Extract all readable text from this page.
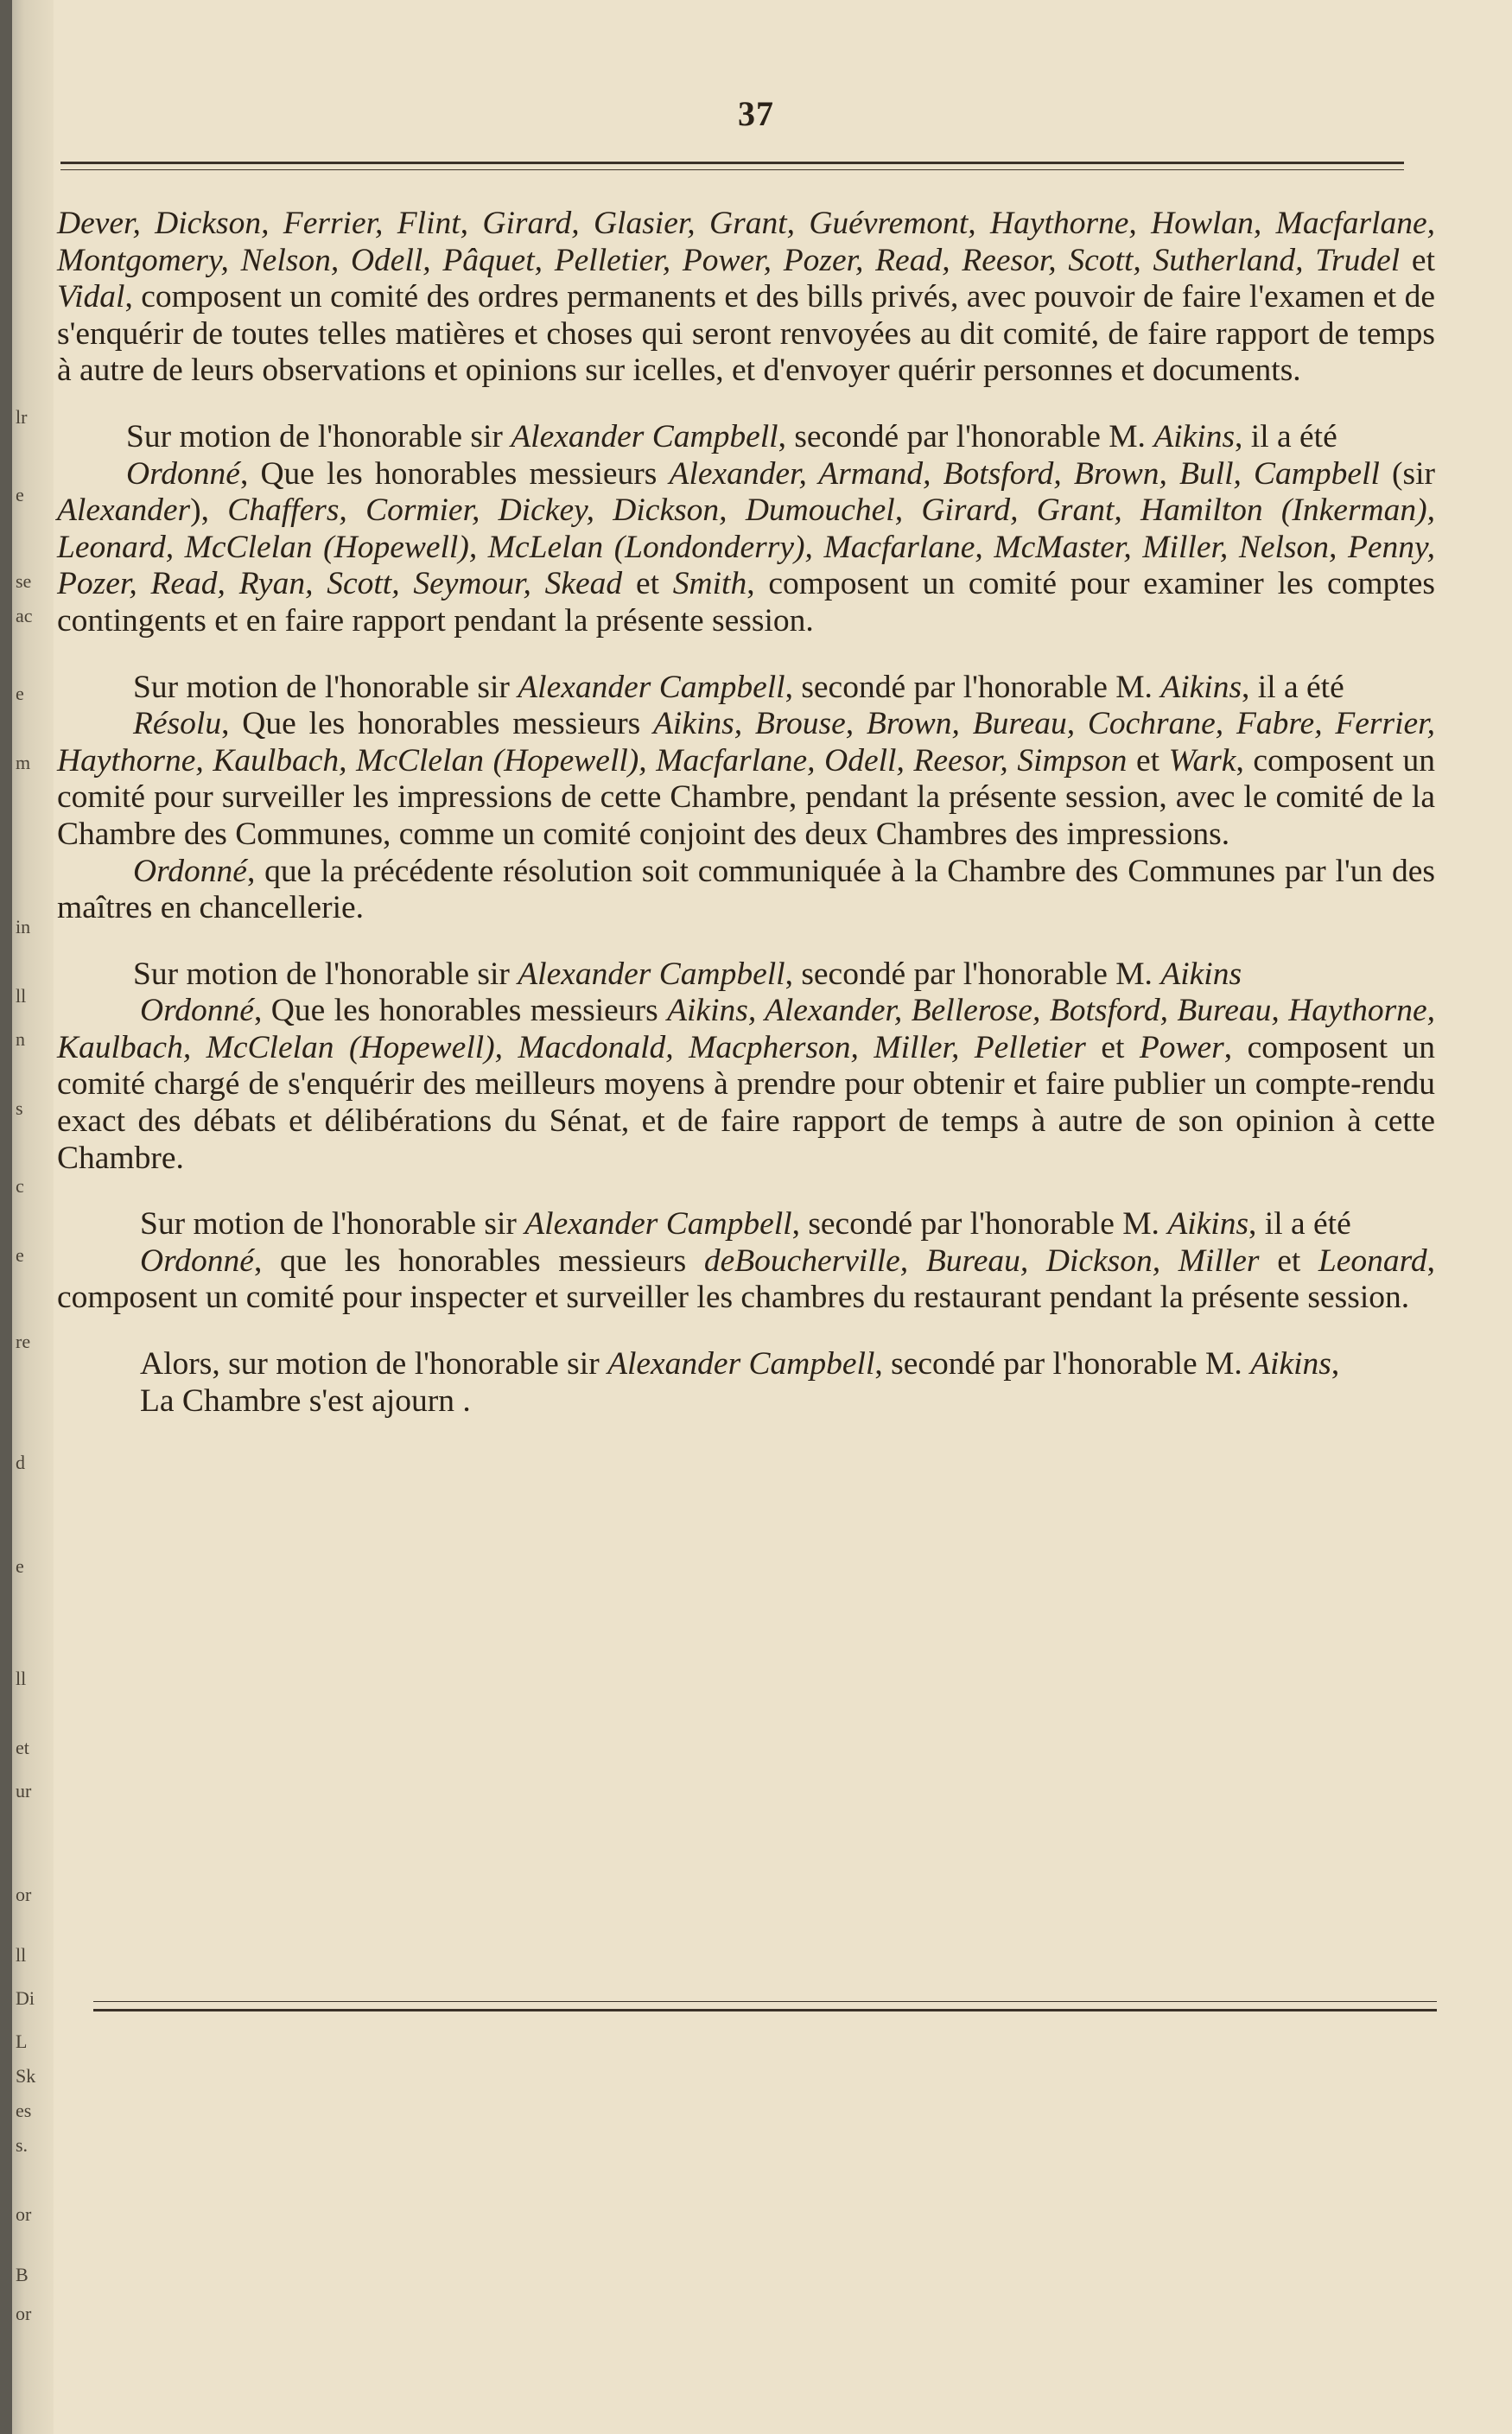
lr
e
se
ac
e
m
in
ll
n
s
c
e
re
d
e
ll
et
ur
or
ll
Di
L
Sk
es
s.
or
B
or
37

Dever, Dickson, Ferrier, Flint, Girard, Glasier, Grant, Guévremont, Haythorne, Howlan, Macfarlane, Montgomery, Nelson, Odell, Pâquet, Pelletier, Power, Pozer, Read, Reesor, Scott, Sutherland, Trudel et Vidal, composent un comité des ordres permanents et des bills privés, avec pouvoir de faire l'examen et de s'enquérir de toutes telles matières et choses qui seront renvoyées au dit comité, de faire rapport de temps à autre de leurs observations et opinions sur icelles, et d'envoyer quérir personnes et documents.

Sur motion de l'honorable sir Alexander Campbell, secondé par l'honorable M. Aikins, il a été

Ordonné, Que les honorables messieurs Alexander, Armand, Botsford, Brown, Bull, Campbell (sir Alexander), Chaffers, Cormier, Dickey, Dickson, Dumouchel, Girard, Grant, Hamilton (Inkerman), Leonard, McClelan (Hopewell), McLelan (Londonderry), Macfarlane, McMaster, Miller, Nelson, Penny, Pozer, Read, Ryan, Scott, Seymour, Skead et Smith, composent un comité pour examiner les comptes contingents et en faire rapport pendant la présente session.

Sur motion de l'honorable sir Alexander Campbell, secondé par l'honorable M. Aikins, il a été

Résolu, Que les honorables messieurs Aikins, Brouse, Brown, Bureau, Cochrane, Fabre, Ferrier, Haythorne, Kaulbach, McClelan (Hopewell), Macfarlane, Odell, Reesor, Simpson et Wark, composent un comité pour surveiller les impressions de cette Chambre, pendant la présente session, avec le comité de la Chambre des Communes, comme un comité conjoint des deux Chambres des impressions.

Ordonné, que la précédente résolution soit communiquée à la Chambre des Communes par l'un des maîtres en chancellerie.

Sur motion de l'honorable sir Alexander Campbell, secondé par l'honorable M. Aikins

Ordonné, Que les honorables messieurs Aikins, Alexander, Bellerose, Botsford, Bureau, Haythorne, Kaulbach, McClelan (Hopewell), Macdonald, Macpherson, Miller, Pelletier et Power, composent un comité chargé de s'enquérir des meilleurs moyens à prendre pour obtenir et faire publier un compte-rendu exact des débats et délibérations du Sénat, et de faire rapport de temps à autre de son opinion à cette Chambre.

Sur motion de l'honorable sir Alexander Campbell, secondé par l'honorable M. Aikins, il a été

Ordonné, que les honorables messieurs deBoucherville, Bureau, Dickson, Miller et Leonard, composent un comité pour inspecter et surveiller les chambres du restaurant pendant la présente session.

Alors, sur motion de l'honorable sir Alexander Campbell, secondé par l'honorable M. Aikins,

La Chambre s'est ajourn .
